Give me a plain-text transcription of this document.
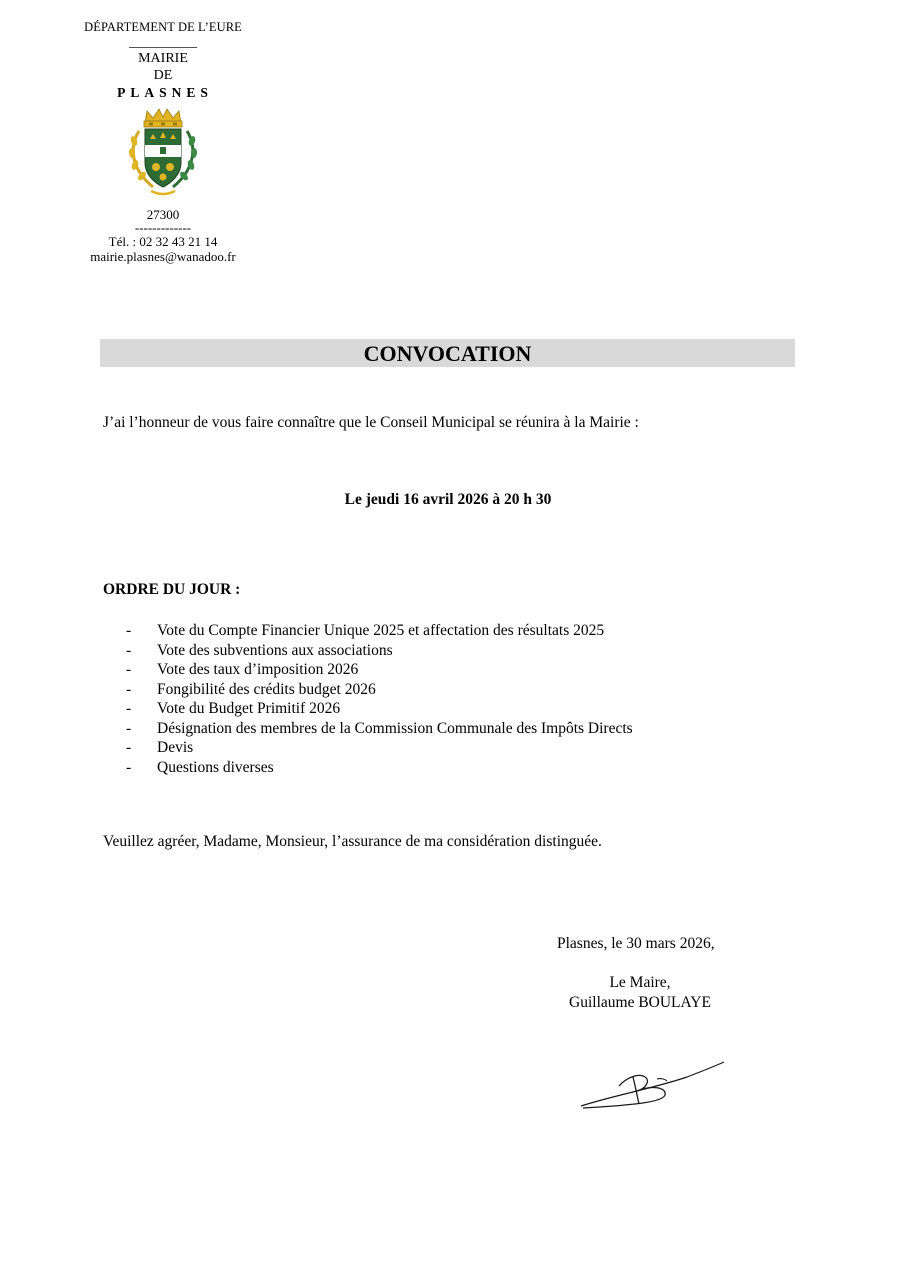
DÉPARTEMENT DE L’EURE
MAIRIE
DE
PLASNES
27300
-------------
Tél. : 02 32 43 21 14
mairie.plasnes@wanadoo.fr
CONVOCATION
J’ai l’honneur de vous faire connaître que le Conseil Municipal se réunira à la Mairie :
Le jeudi 16 avril 2026 à 20 h 30
ORDRE DU JOUR :
-	Vote du Compte Financier Unique 2025 et affectation des résultats 2025
-	Vote des subventions aux associations
-	Vote des taux d’imposition 2026
-	Fongibilité des crédits budget 2026
-	Vote du Budget Primitif 2026
-	Désignation des membres de la Commission Communale des Impôts Directs
-	Devis
-	Questions diverses
Veuillez agréer, Madame, Monsieur, l’assurance de ma considération distinguée.
Plasnes, le 30 mars 2026,
Le Maire,
Guillaume BOULAYE
